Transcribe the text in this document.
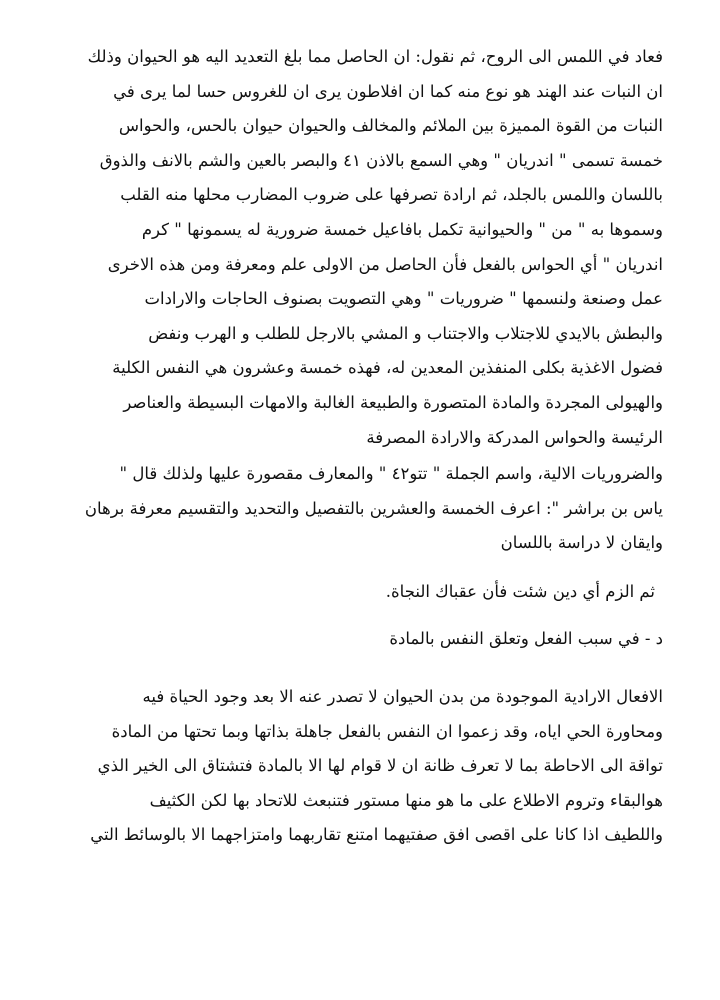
فعاد في اللمس الى الروح، ثم نقول: ان الحاصل مما بلغ التعديد اليه هو الحيوان وذلك
ان النبات عند الهند هو نوع منه كما ان افلاطون يرى ان للغروس حسا لما يرى في
النبات من القوة المميزة بين الملائم والمخالف والحيوان حيوان بالحس، والحواس
خمسة تسمى " اندريان " وهي السمع بالاذن ٤١ والبصر بالعين والشم بالانف والذوق
باللسان واللمس بالجلد، ثم ارادة تصرفها على ضروب المضارب محلها منه القلب
وسموها به " من " والحيوانية تكمل بافاعيل خمسة ضرورية له يسمونها " كرم
اندريان " أي الحواس بالفعل فأن الحاصل من الاولى علم ومعرفة ومن هذه الاخرى
عمل وصنعة ولنسمها " ضروريات " وهي التصويت بصنوف الحاجات والارادات
والبطش بالايدي للاجتلاب والاجتناب و المشي بالارجل للطلب و الهرب ونفض
فضول الاغذية بكلى المنفذين المعدين له، فهذه خمسة وعشرون هي النفس الكلية
والهيولى المجردة والمادة المتصورة والطبيعة الغالبة والامهات البسيطة والعناصر
الرئيسة والحواس المدركة والارادة المصرفة

والضروريات الالية، واسم الجملة " تتو٤٢ " والمعارف مقصورة عليها ولذلك قال "
ياس بن براشر ": اعرف الخمسة والعشرين بالتفصيل والتحديد والتقسيم معرفة برهان
وايقان لا دراسة باللسان

ثم الزم أي دين شئت فأن عقباك النجاة.

د - في سبب الفعل وتعلق النفس بالمادة

الافعال الارادية الموجودة من بدن الحيوان لا تصدر عنه الا بعد وجود الحياة فيه
ومحاورة الحي اياه، وقد زعموا ان النفس بالفعل جاهلة بذاتها وبما تحتها من المادة
تواقة الى الاحاطة بما لا تعرف ظانة ان لا قوام لها الا بالمادة فتشتاق الى الخير الذي
هوالبقاء وتروم الاطلاع على ما هو منها مستور فتنبعث للاتحاد بها لكن الكثيف
واللطيف اذا كانا على اقصى افق صفتيهما امتنع تقاربهما وامتزاجهما الا بالوسائط التي
